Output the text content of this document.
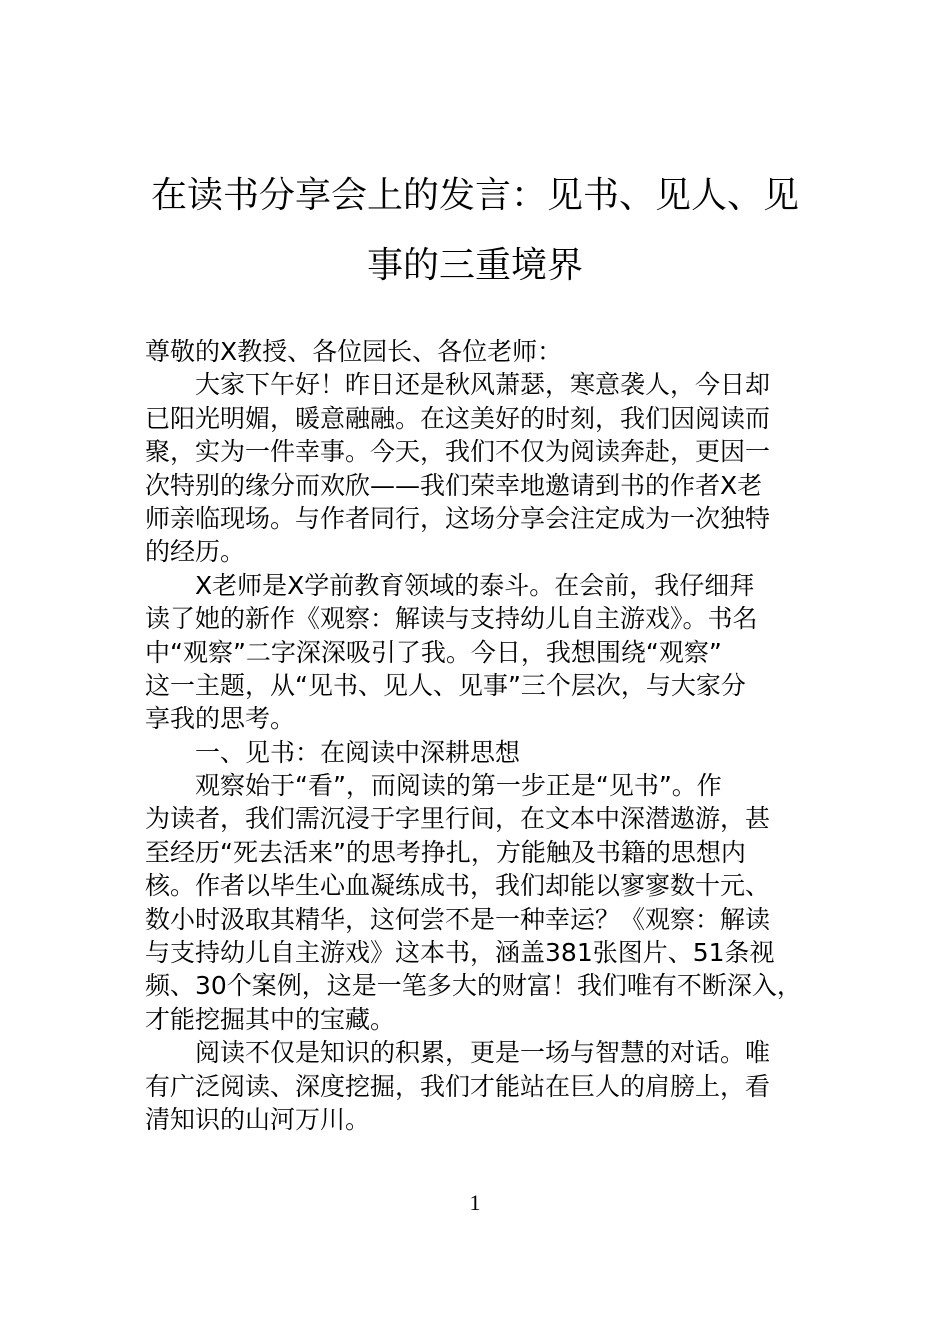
在读书分享会上的发言：见书、见人、见
事的三重境界
尊敬的X教授、各位园长、各位老师：
大家下午好！昨日还是秋风萧瑟，寒意袭人，今日却
已阳光明媚，暖意融融。在这美好的时刻，我们因阅读而
聚，实为一件幸事。今天，我们不仅为阅读奔赴，更因一
次特别的缘分而欢欣——我们荣幸地邀请到书的作者X老
师亲临现场。与作者同行，这场分享会注定成为一次独特
的经历。
X老师是X学前教育领域的泰斗。在会前，我仔细拜
读了她的新作《观察：解读与支持幼儿自主游戏》。书名
中“观察”二字深深吸引了我。今日，我想围绕“观察”
这一主题，从“见书、见人、见事”三个层次，与大家分
享我的思考。
一、见书：在阅读中深耕思想
观察始于“看”，而阅读的第一步正是“见书”。作
为读者，我们需沉浸于字里行间，在文本中深潜遨游，甚
至经历“死去活来”的思考挣扎，方能触及书籍的思想内
核。作者以毕生心血凝练成书，我们却能以寥寥数十元、
数小时汲取其精华，这何尝不是一种幸运？《观察：解读
与支持幼儿自主游戏》这本书，涵盖381张图片、51条视
频、30个案例，这是一笔多大的财富！我们唯有不断深入，
才能挖掘其中的宝藏。
阅读不仅是知识的积累，更是一场与智慧的对话。唯
有广泛阅读、深度挖掘，我们才能站在巨人的肩膀上，看
清知识的山河万川。
1
